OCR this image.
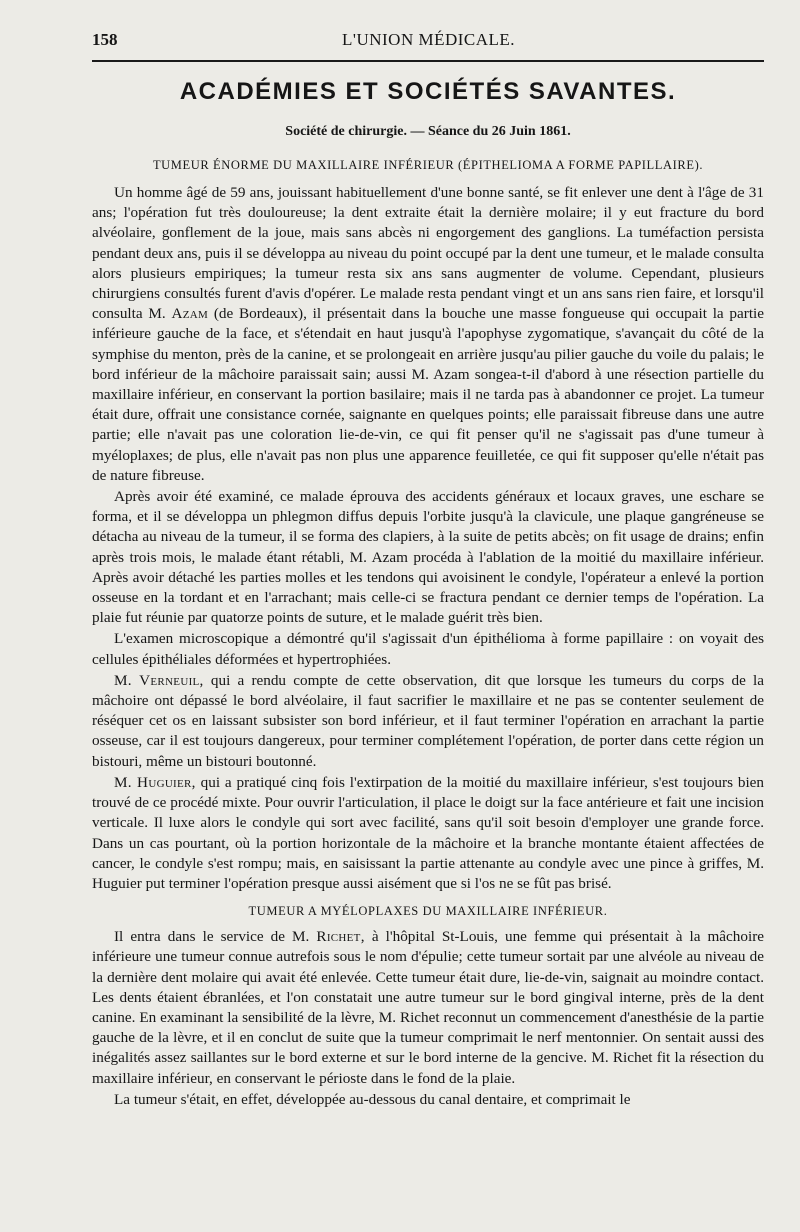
158	L'UNION MÉDICALE.
ACADÉMIES ET SOCIÉTÉS SAVANTES.
Société de chirurgie. — Séance du 26 Juin 1861.
TUMEUR ÉNORME DU MAXILLAIRE INFÉRIEUR (ÉPITHELIOMA A FORME PAPILLAIRE).

Un homme âgé de 59 ans, jouissant habituellement d'une bonne santé, se fit enlever une dent à l'âge de 31 ans; l'opération fut très douloureuse; la dent extraite était la dernière molaire; il y eut fracture du bord alvéolaire, gonflement de la joue, mais sans abcès ni engorgement des ganglions. La tuméfaction persista pendant deux ans, puis il se développa au niveau du point occupé par la dent une tumeur, et le malade consulta alors plusieurs empiriques; la tumeur resta six ans sans augmenter de volume. Cependant, plusieurs chirurgiens consultés furent d'avis d'opérer. Le malade resta pendant vingt et un ans sans rien faire, et lorsqu'il consulta M. Azam (de Bordeaux), il présentait dans la bouche une masse fongueuse qui occupait la partie inférieure gauche de la face, et s'étendait en haut jusqu'à l'apophyse zygomatique, s'avançait du côté de la symphise du menton, près de la canine, et se prolongeait en arrière jusqu'au pilier gauche du voile du palais; le bord inférieur de la mâchoire paraissait sain; aussi M. Azam songea-t-il d'abord à une résection partielle du maxillaire inférieur, en conservant la portion basilaire; mais il ne tarda pas à abandonner ce projet. La tumeur était dure, offrait une consistance cornée, saignante en quelques points; elle paraissait fibreuse dans une autre partie; elle n'avait pas une coloration lie-de-vin, ce qui fit penser qu'il ne s'agissait pas d'une tumeur à myéloplaxes; de plus, elle n'avait pas non plus une apparence feuilletée, ce qui fit supposer qu'elle n'était pas de nature fibreuse.

Après avoir été examiné, ce malade éprouva des accidents généraux et locaux graves, une eschare se forma, et il se développa un phlegmon diffus depuis l'orbite jusqu'à la clavicule, une plaque gangréneuse se détacha au niveau de la tumeur, il se forma des clapiers, à la suite de petits abcès; on fit usage de drains; enfin après trois mois, le malade étant rétabli, M. Azam procéda à l'ablation de la moitié du maxillaire inférieur. Après avoir détaché les parties molles et les tendons qui avoisinent le condyle, l'opérateur a enlevé la portion osseuse en la tordant et en l'arrachant; mais celle-ci se fractura pendant ce dernier temps de l'opération. La plaie fut réunie par quatorze points de suture, et le malade guérit très bien.

L'examen microscopique a démontré qu'il s'agissait d'un épithélioma à forme papillaire : on voyait des cellules épithéliales déformées et hypertrophiées.

M. Verneuil, qui a rendu compte de cette observation, dit que lorsque les tumeurs du corps de la mâchoire ont dépassé le bord alvéolaire, il faut sacrifier le maxillaire et ne pas se contenter seulement de réséquer cet os en laissant subsister son bord inférieur, et il faut terminer l'opération en arrachant la partie osseuse, car il est toujours dangereux, pour terminer complétement l'opération, de porter dans cette région un bistouri, même un bistouri boutonné.

M. Huguier, qui a pratiqué cinq fois l'extirpation de la moitié du maxillaire inférieur, s'est toujours bien trouvé de ce procédé mixte. Pour ouvrir l'articulation, il place le doigt sur la face antérieure et fait une incision verticale. Il luxe alors le condyle qui sort avec facilité, sans qu'il soit besoin d'employer une grande force. Dans un cas pourtant, où la portion horizontale de la mâchoire et la branche montante étaient affectées de cancer, le condyle s'est rompu; mais, en saisissant la partie attenante au condyle avec une pince à griffes, M. Huguier put terminer l'opération presque aussi aisément que si l'os ne se fût pas brisé.

TUMEUR A MYÉLOPLAXES DU MAXILLAIRE INFÉRIEUR.

Il entra dans le service de M. Richet, à l'hôpital St-Louis, une femme qui présentait à la mâchoire inférieure une tumeur connue autrefois sous le nom d'épulie; cette tumeur sortait par une alvéole au niveau de la dernière dent molaire qui avait été enlevée. Cette tumeur était dure, lie-de-vin, saignait au moindre contact. Les dents étaient ébranlées, et l'on constatait une autre tumeur sur le bord gingival interne, près de la dent canine. En examinant la sensibilité de la lèvre, M. Richet reconnut un commencement d'anesthésie de la partie gauche de la lèvre, et il en conclut de suite que la tumeur comprimait le nerf mentonnier. On sentait aussi des inégalités assez saillantes sur le bord externe et sur le bord interne de la gencive. M. Richet fit la résection du maxillaire inférieur, en conservant le périoste dans le fond de la plaie.

La tumeur s'était, en effet, développée au-dessous du canal dentaire, et comprimait le
